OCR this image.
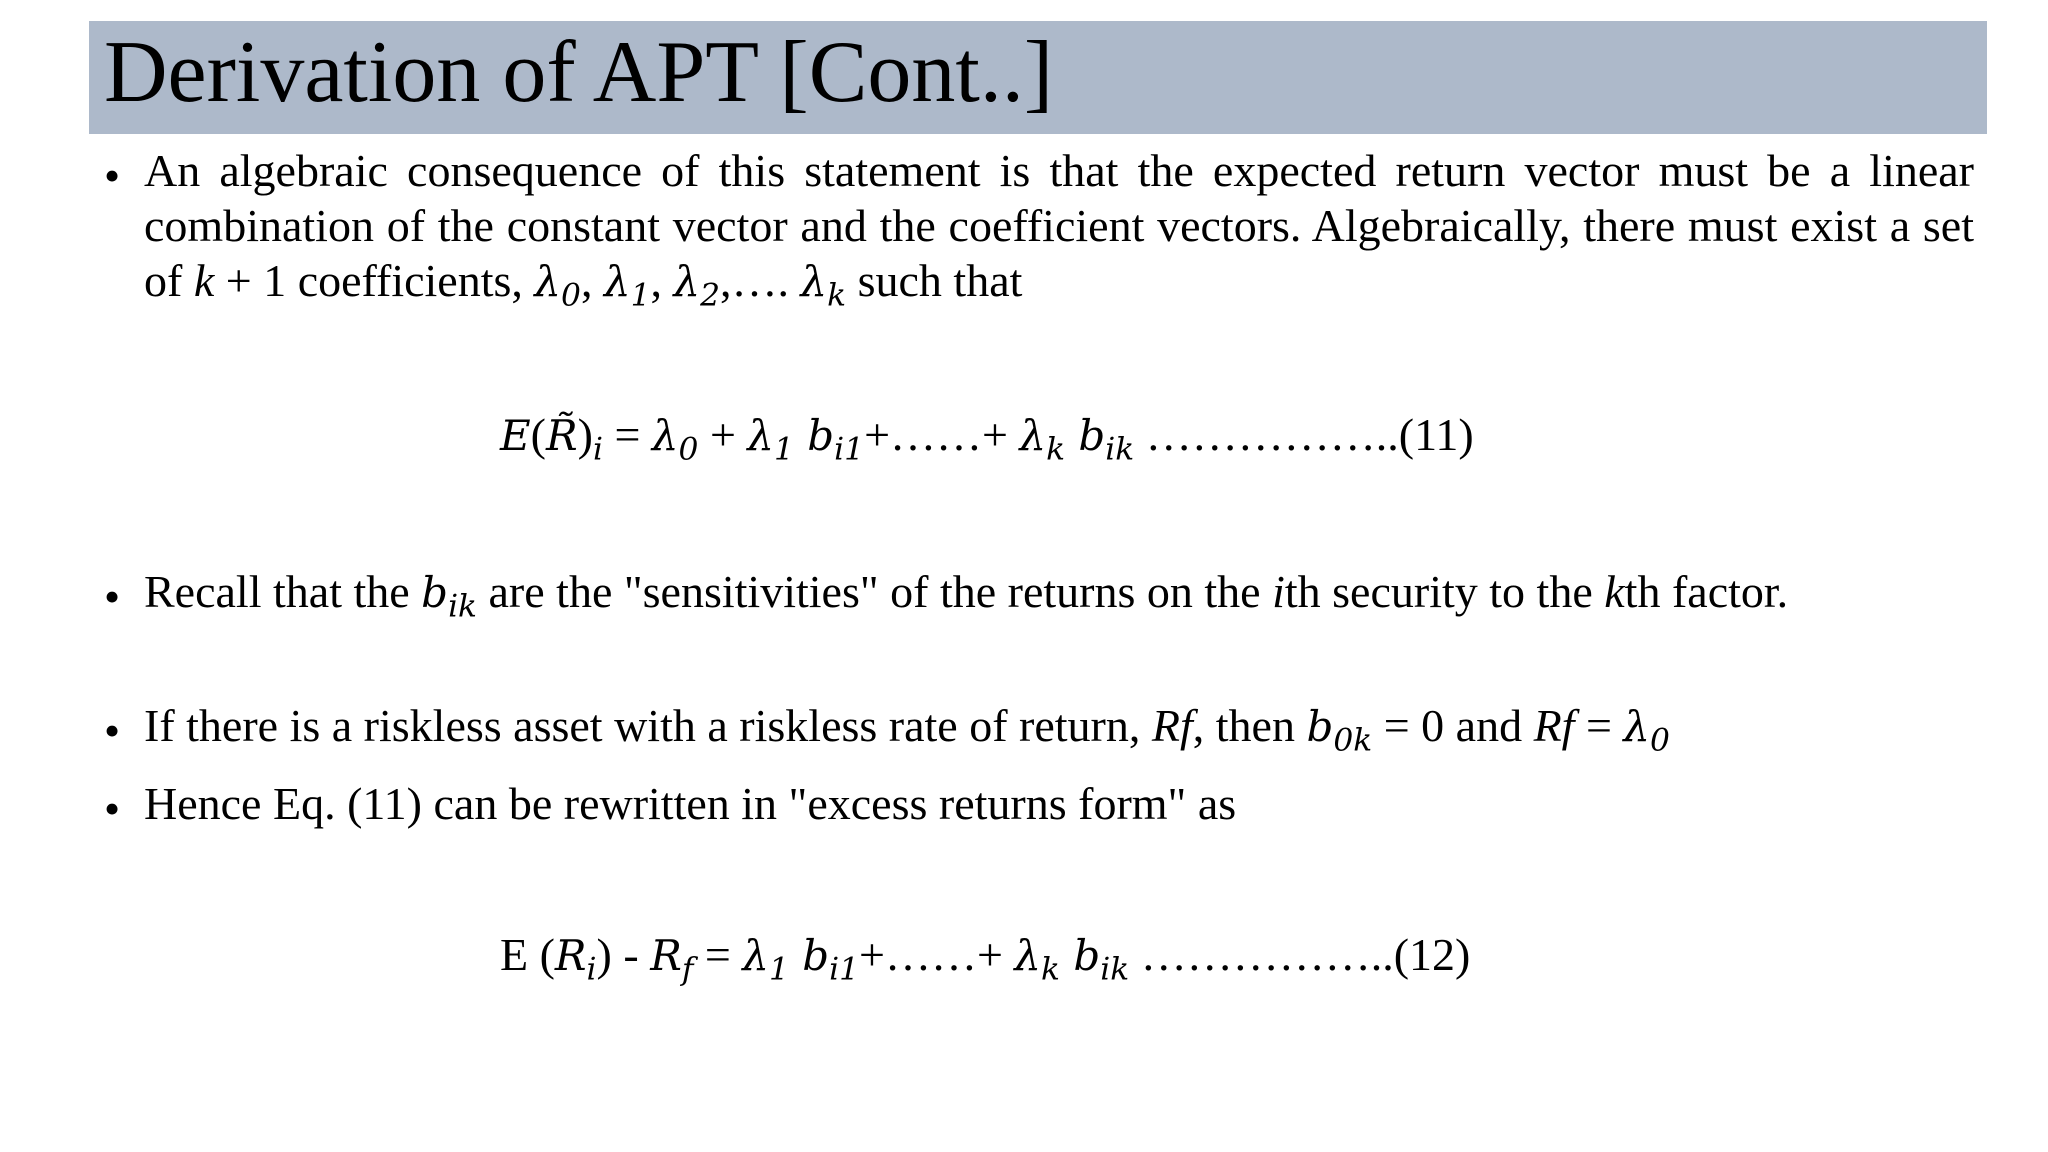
Derivation of APT [Cont..]
• An algebraic consequence of this statement is that the expected return vector must be a linear combination of the constant vector and the coefficient vectors. Algebraically, there must exist a set of k + 1 coefficients, $\lambda_0$, $\lambda_1$, $\lambda_2,\dots$. $\lambda_k$ such that
$E(R̃)_i = \lambda_0 + \lambda_1$ $b_{i1}+\dots\dots+ \lambda_k$ $b_{ik}$ ……………..(11)
• Recall that the $b_{ik}$ are the "sensitivities" of the returns on the ith security to the kth factor.
• If there is a riskless asset with a riskless rate of return, Rf, then $b_{0k} = 0$ and $Rf = \lambda_0$
• Hence Eq. (11) can be rewritten in "excess returns form" as
E $(R_i) - R_f = \lambda_1$ $b_{i1}+\dots\dots+ \lambda_k$ $b_{ik}$ ……………..(12)
